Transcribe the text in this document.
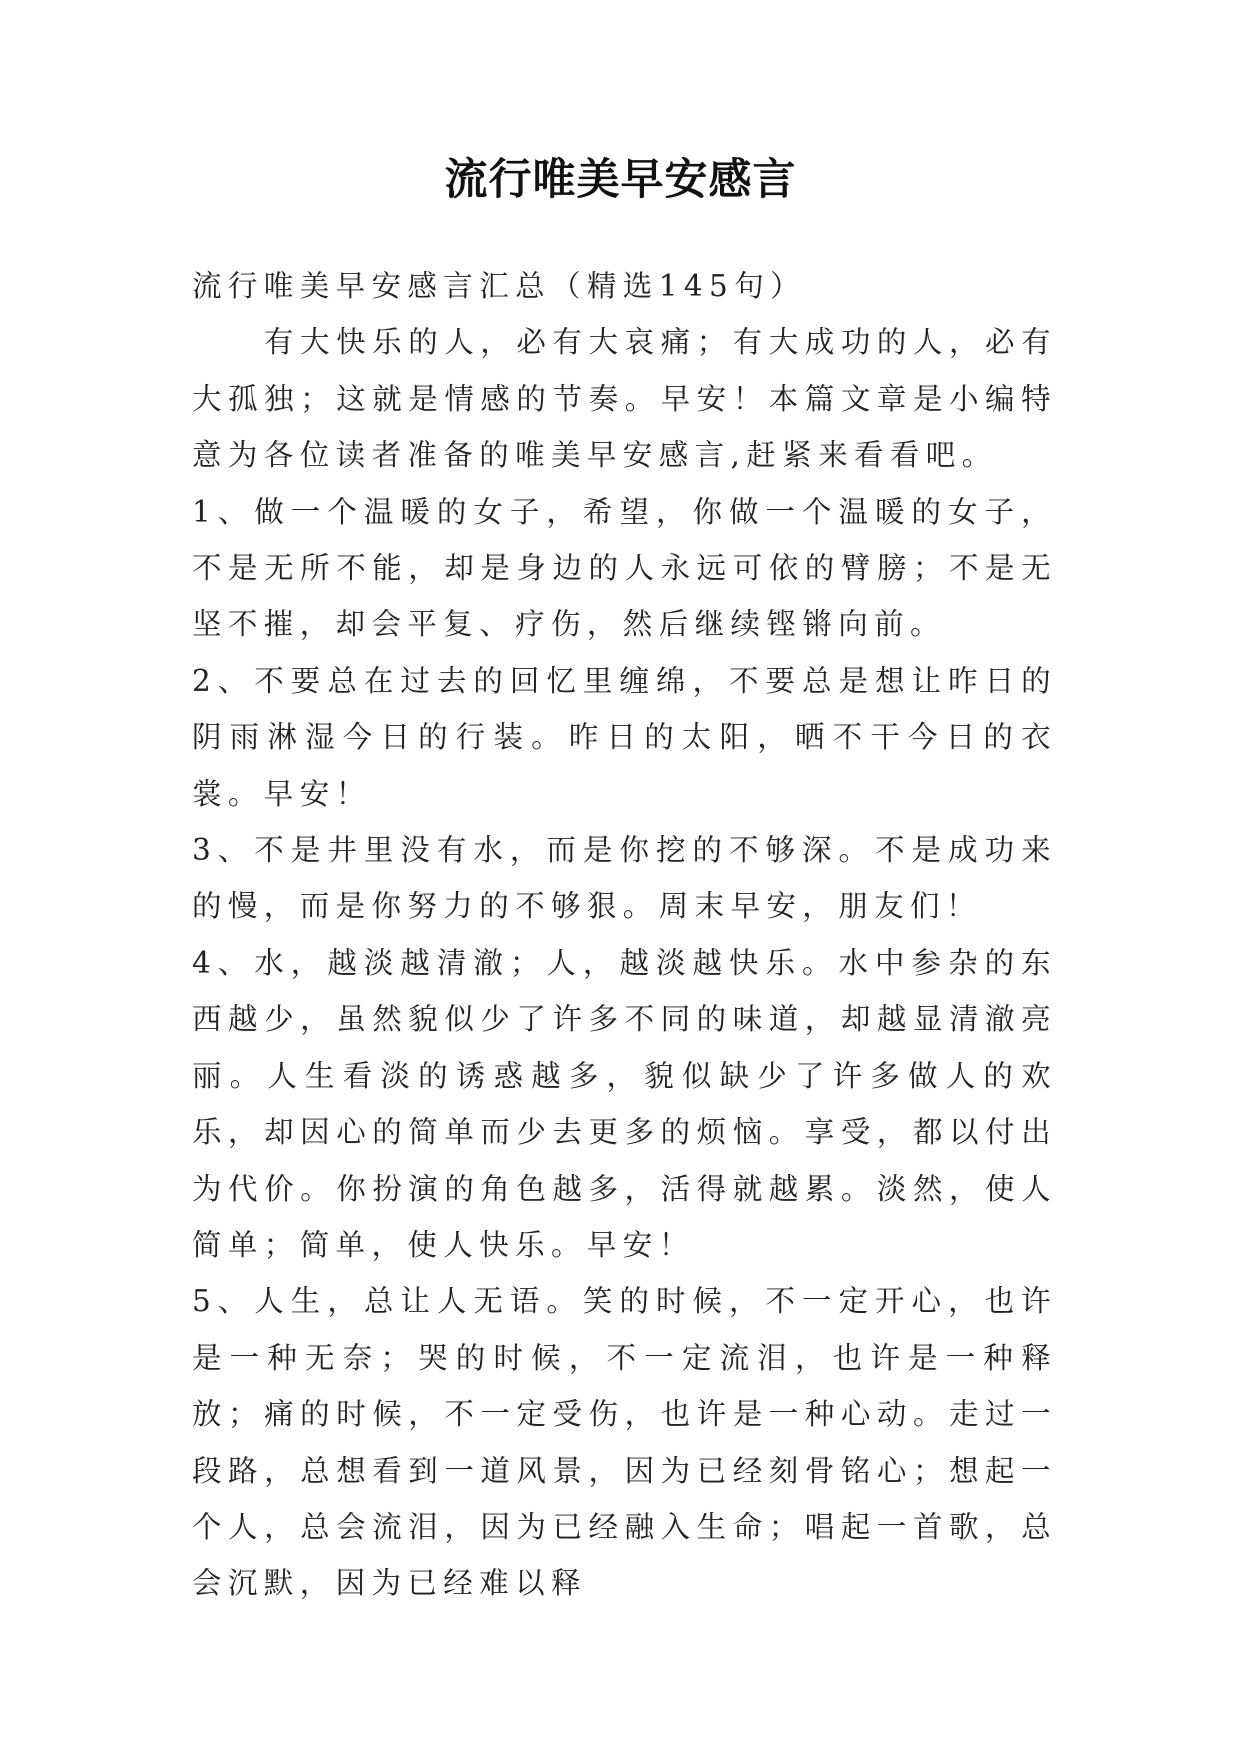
流行唯美早安感言

流行唯美早安感言汇总（精选145句）

有大快乐的人，必有大哀痛；有大成功的人，必有大孤独；这就是情感的节奏。早安！本篇文章是小编特意为各位读者准备的唯美早安感言,赶紧来看看吧。

1、做一个温暖的女子，希望，你做一个温暖的女子，不是无所不能，却是身边的人永远可依的臂膀；不是无坚不摧，却会平复、疗伤，然后继续铿锵向前。

2、不要总在过去的回忆里缠绵，不要总是想让昨日的阴雨淋湿今日的行装。昨日的太阳，晒不干今日的衣裳。早安！

3、不是井里没有水，而是你挖的不够深。不是成功来的慢，而是你努力的不够狠。周末早安，朋友们！

4、水，越淡越清澈；人，越淡越快乐。水中参杂的东西越少，虽然貌似少了许多不同的味道，却越显清澈亮丽。人生看淡的诱惑越多，貌似缺少了许多做人的欢乐，却因心的简单而少去更多的烦恼。享受，都以付出为代价。你扮演的角色越多，活得就越累。淡然，使人简单；简单，使人快乐。早安！

5、人生，总让人无语。笑的时候，不一定开心，也许是一种无奈；哭的时候，不一定流泪，也许是一种释放；痛的时候，不一定受伤，也许是一种心动。走过一段路，总想看到一道风景，因为已经刻骨铭心；想起一个人，总会流泪，因为已经融入生命；唱起一首歌，总会沉默，因为已经难以释
